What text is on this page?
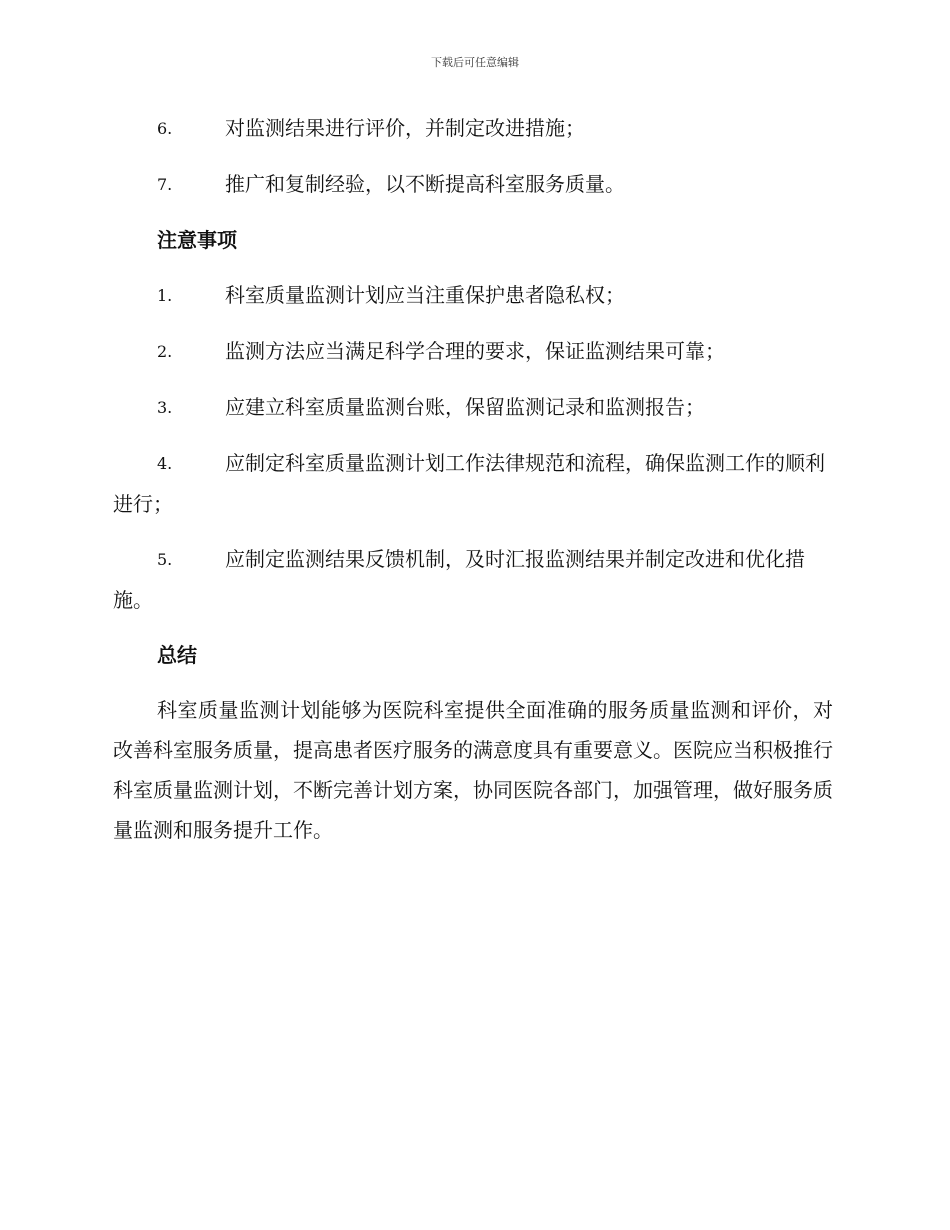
下载后可任意编辑
6.	对监测结果进行评价，并制定改进措施；
7.	推广和复制经验，以不断提高科室服务质量。
注意事项
1.	科室质量监测计划应当注重保护患者隐私权；
2.	监测方法应当满足科学合理的要求，保证监测结果可靠；
3.	应建立科室质量监测台账，保留监测记录和监测报告；
4.	应制定科室质量监测计划工作法律规范和流程，确保监测工作的顺利进行；
5.	应制定监测结果反馈机制，及时汇报监测结果并制定改进和优化措施。
总结

科室质量监测计划能够为医院科室提供全面准确的服务质量监测和评价，对改善科室服务质量，提高患者医疗服务的满意度具有重要意义。医院应当积极推行科室质量监测计划，不断完善计划方案，协同医院各部门，加强管理，做好服务质量监测和服务提升工作。
